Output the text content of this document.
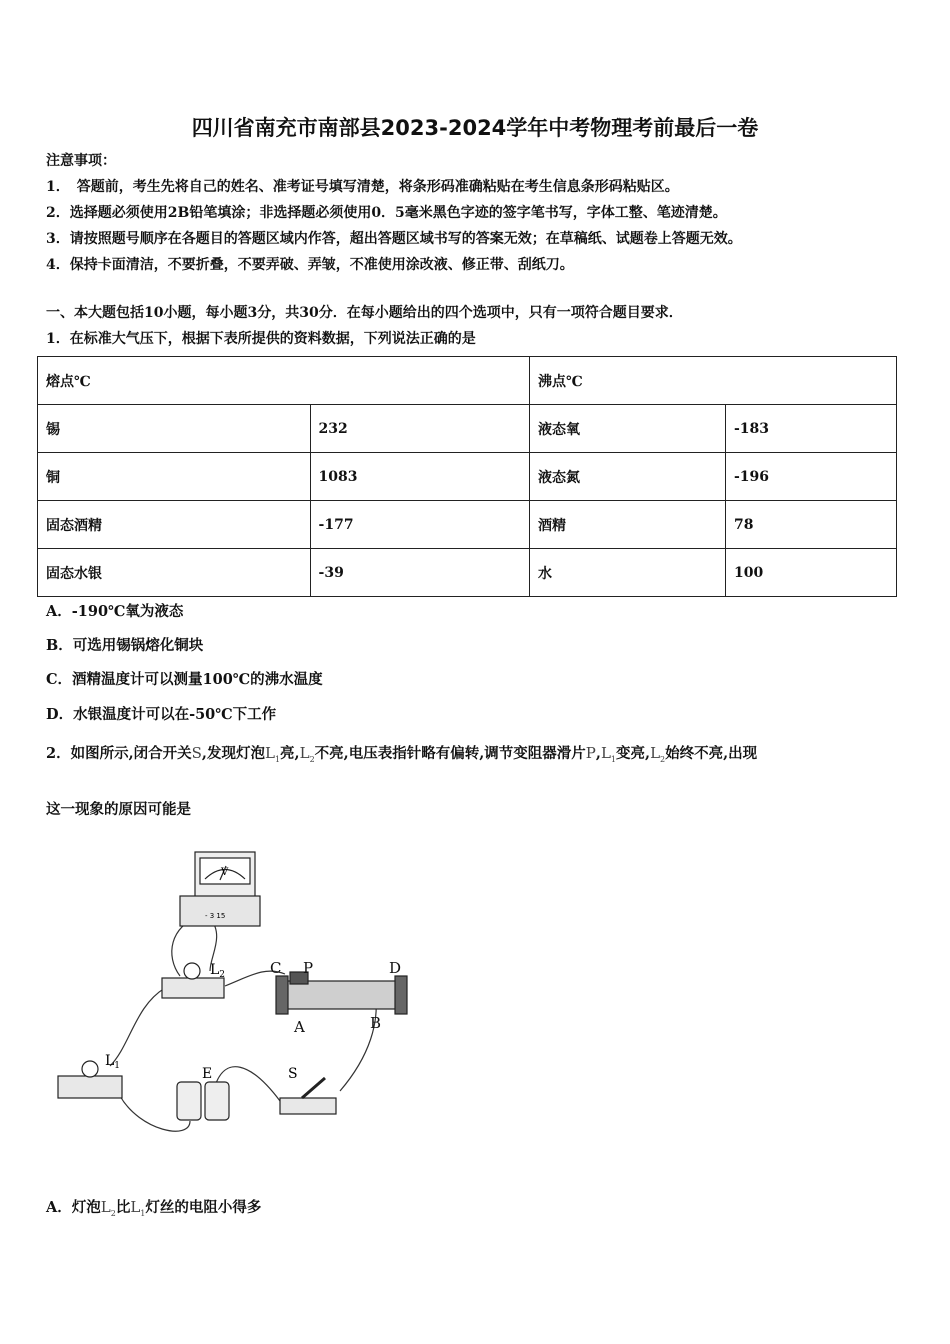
四川省南充市南部县2023-2024学年中考物理考前最后一卷
注意事项：
1．　答题前，考生先将自己的姓名、准考证号填写清楚，将条形码准确粘贴在考生信息条形码粘贴区。
2．选择题必须使用2B铅笔填涂；非选择题必须使用0．5毫米黑色字迹的签字笔书写，字体工整、笔迹清楚。
3．请按照题号顺序在各题目的答题区域内作答，超出答题区域书写的答案无效；在草稿纸、试题卷上答题无效。
4．保持卡面清洁，不要折叠，不要弄破、弄皱，不准使用涂改液、修正带、刮纸刀。
一、本大题包括10小题，每小题3分，共30分．在每小题给出的四个选项中，只有一项符合题目要求．
1．在标准大气压下，根据下表所提供的资料数据，下列说法正确的是
熔点℃		沸点℃	
锡	232	液态氧	-183
铜	1083	液态氮	-196
固态酒精	-177	酒精	78
固态水银	-39	水	100
A．-190℃氧为液态
B．可选用锡锅熔化铜块
C．酒精温度计可以测量100℃的沸水温度
D．水银温度计可以在-50℃下工作
2．如图所示,闭合开关S,发现灯泡$L_1$亮$,L_2$不亮,电压表指针略有偏转,调节变阻器滑片$P,L_1$变亮$,L_2$始终不亮,出现
这一现象的原因可能是
V
- 3 15
$L_2$	C P	D
A	B
$L_1$	E	S
A．灯泡$L_2$比$L_1$灯丝的电阻小得多
